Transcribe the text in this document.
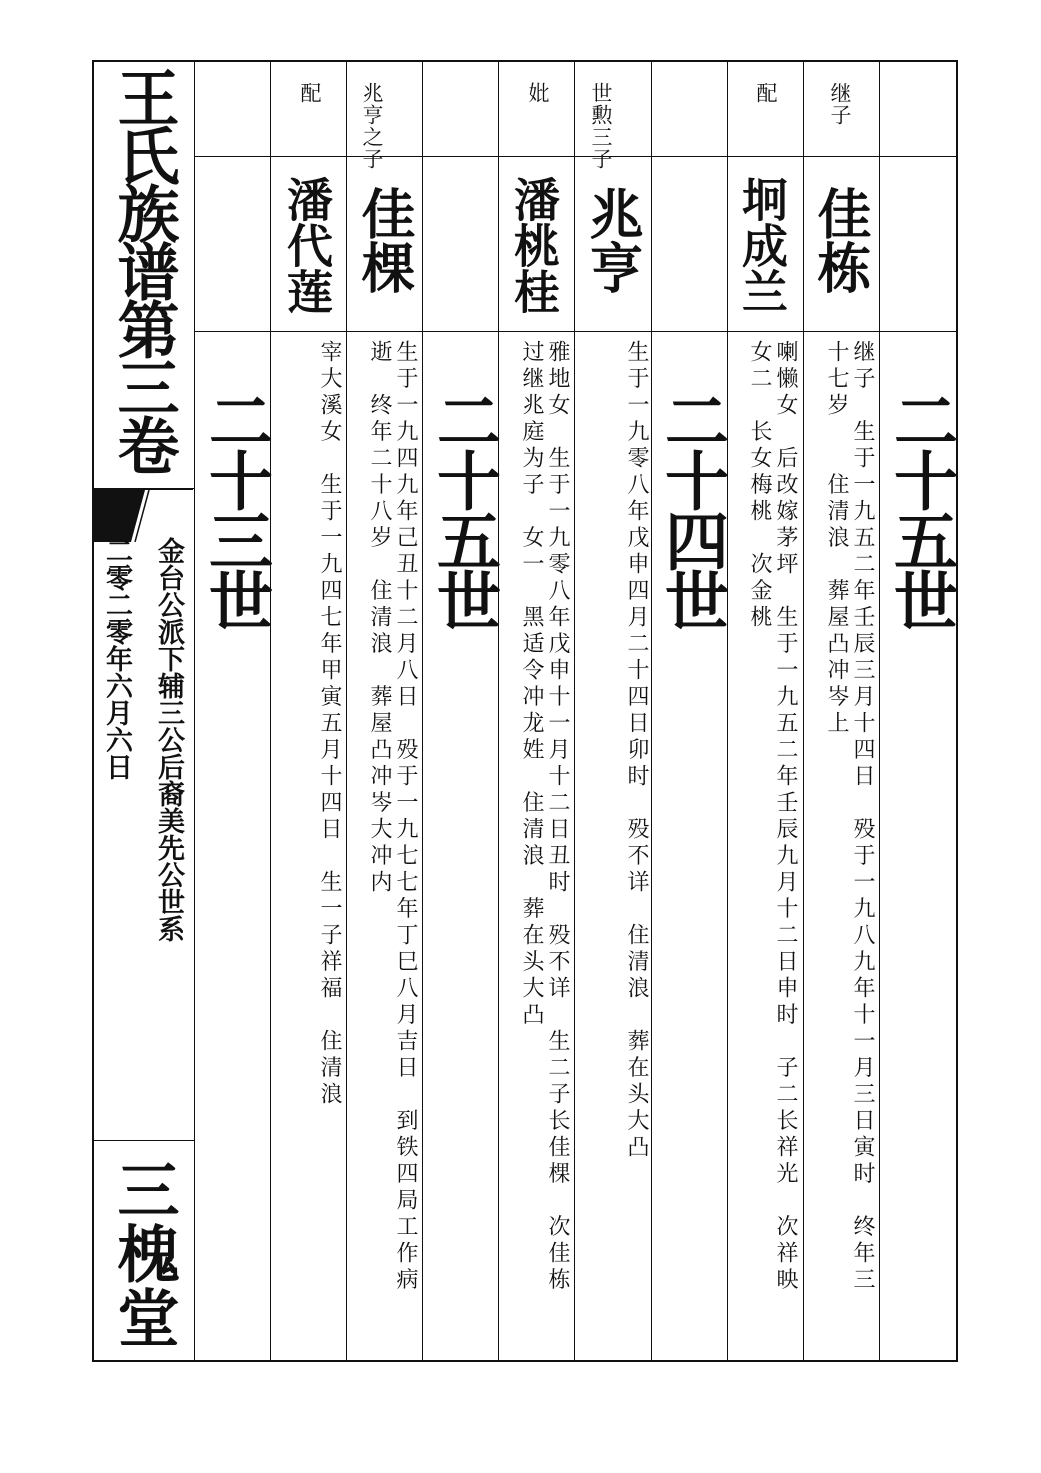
王氏族谱第三卷
金台公派下辅三公后裔美先公世系
二零二零年六月六日
三槐堂
二十五世
继子　生于一九五二年壬辰三月十四日　殁于一九八九年十一月三日寅时　终年三
十七岁　　住清浪　葬屋凸冲岑上
继子
佳栋
配
坰成兰
喇懒女　后改嫁茅坪　生于一九五二年壬辰九月十二日申时　子二长祥光　次祥映
女二　长女梅桃　次金桃
二十四世
世勲三子
兆亨
生于一九零八年戊申四月二十四日卯时　殁不详　住清浪　葬在头大凸
妣
潘桃桂
雅地女　生于一九零八年戊申十一月十二日丑时　殁不详　生二子长佳棵　次佳栋
过继兆庭为子　女一　黑适令冲龙姓　住清浪　葬在头大凸
二十五世
兆亨之子
佳棵
生于一九四九年己丑十二月八日　殁于一九七七年丁巳八月吉日　到铁四局工作病
逝　终年二十八岁　住清浪　葬屋凸冲岑大冲内
配
潘代莲
宰大溪女　生于一九四七年甲寅五月十四日　生一子祥福　住清浪
二十三世
